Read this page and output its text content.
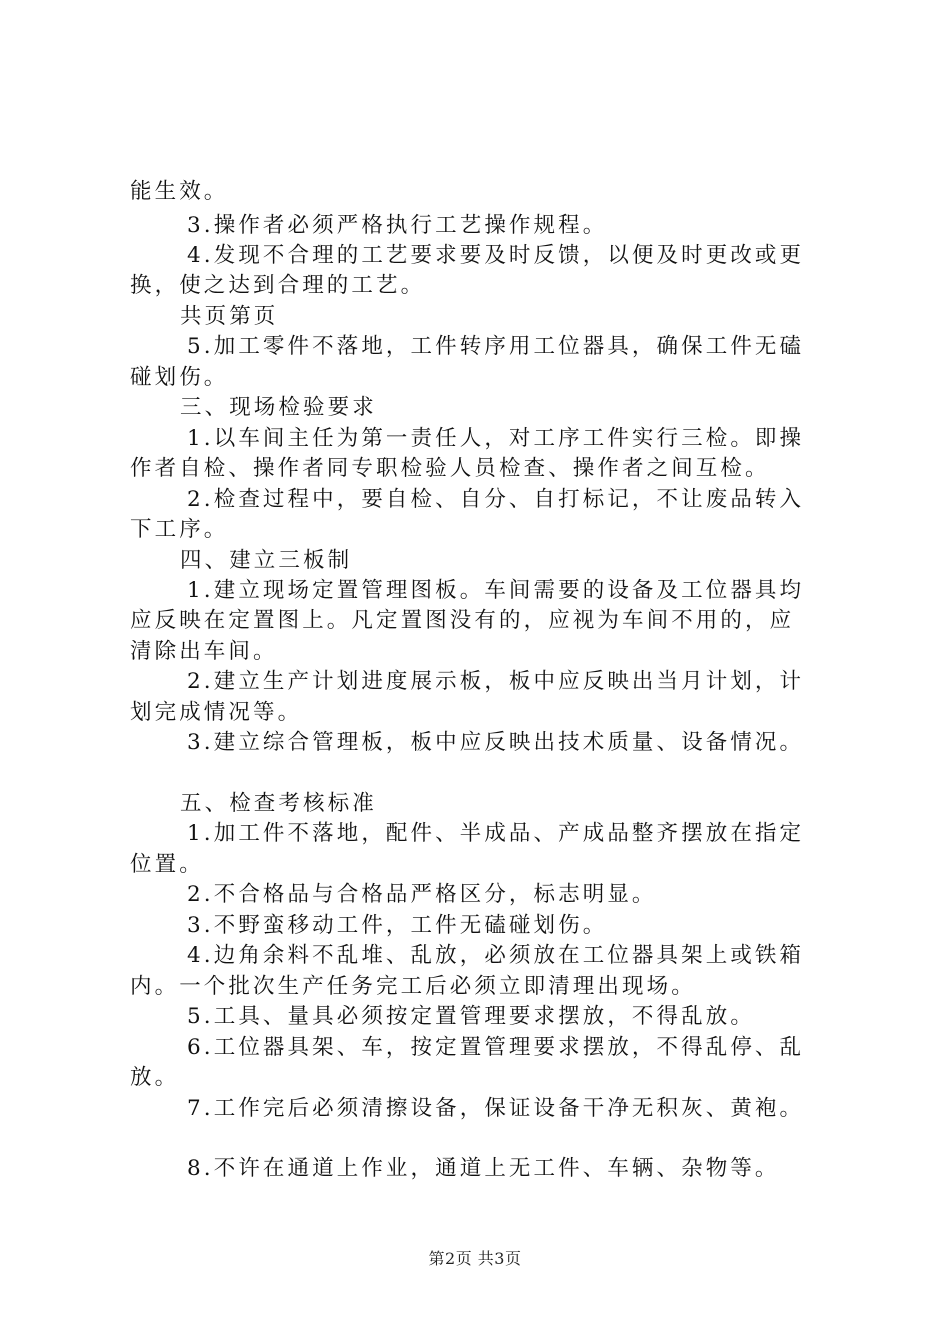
能生效。
3.操作者必须严格执行工艺操作规程。
4.发现不合理的工艺要求要及时反馈，以便及时更改或更
换，使之达到合理的工艺。
共页第页
5.加工零件不落地，工件转序用工位器具，确保工件无磕
碰划伤。
三、现场检验要求
1.以车间主任为第一责任人，对工序工件实行三检。即操
作者自检、操作者同专职检验人员检查、操作者之间互检。
2.检查过程中，要自检、自分、自打标记，不让废品转入
下工序。
四、建立三板制
1.建立现场定置管理图板。车间需要的设备及工位器具均
应反映在定置图上。凡定置图没有的，应视为车间不用的，应
清除出车间。
2.建立生产计划进度展示板，板中应反映出当月计划，计
划完成情况等。
3.建立综合管理板，板中应反映出技术质量、设备情况。
五、检查考核标准
1.加工件不落地，配件、半成品、产成品整齐摆放在指定
位置。
2.不合格品与合格品严格区分，标志明显。
3.不野蛮移动工件，工件无磕碰划伤。
4.边角余料不乱堆、乱放，必须放在工位器具架上或铁箱
内。一个批次生产任务完工后必须立即清理出现场。
5.工具、量具必须按定置管理要求摆放，不得乱放。
6.工位器具架、车，按定置管理要求摆放，不得乱停、乱
放。
7.工作完后必须清擦设备，保证设备干净无积灰、黄袍。
8.不许在通道上作业，通道上无工件、车辆、杂物等。
第2页 共3页
